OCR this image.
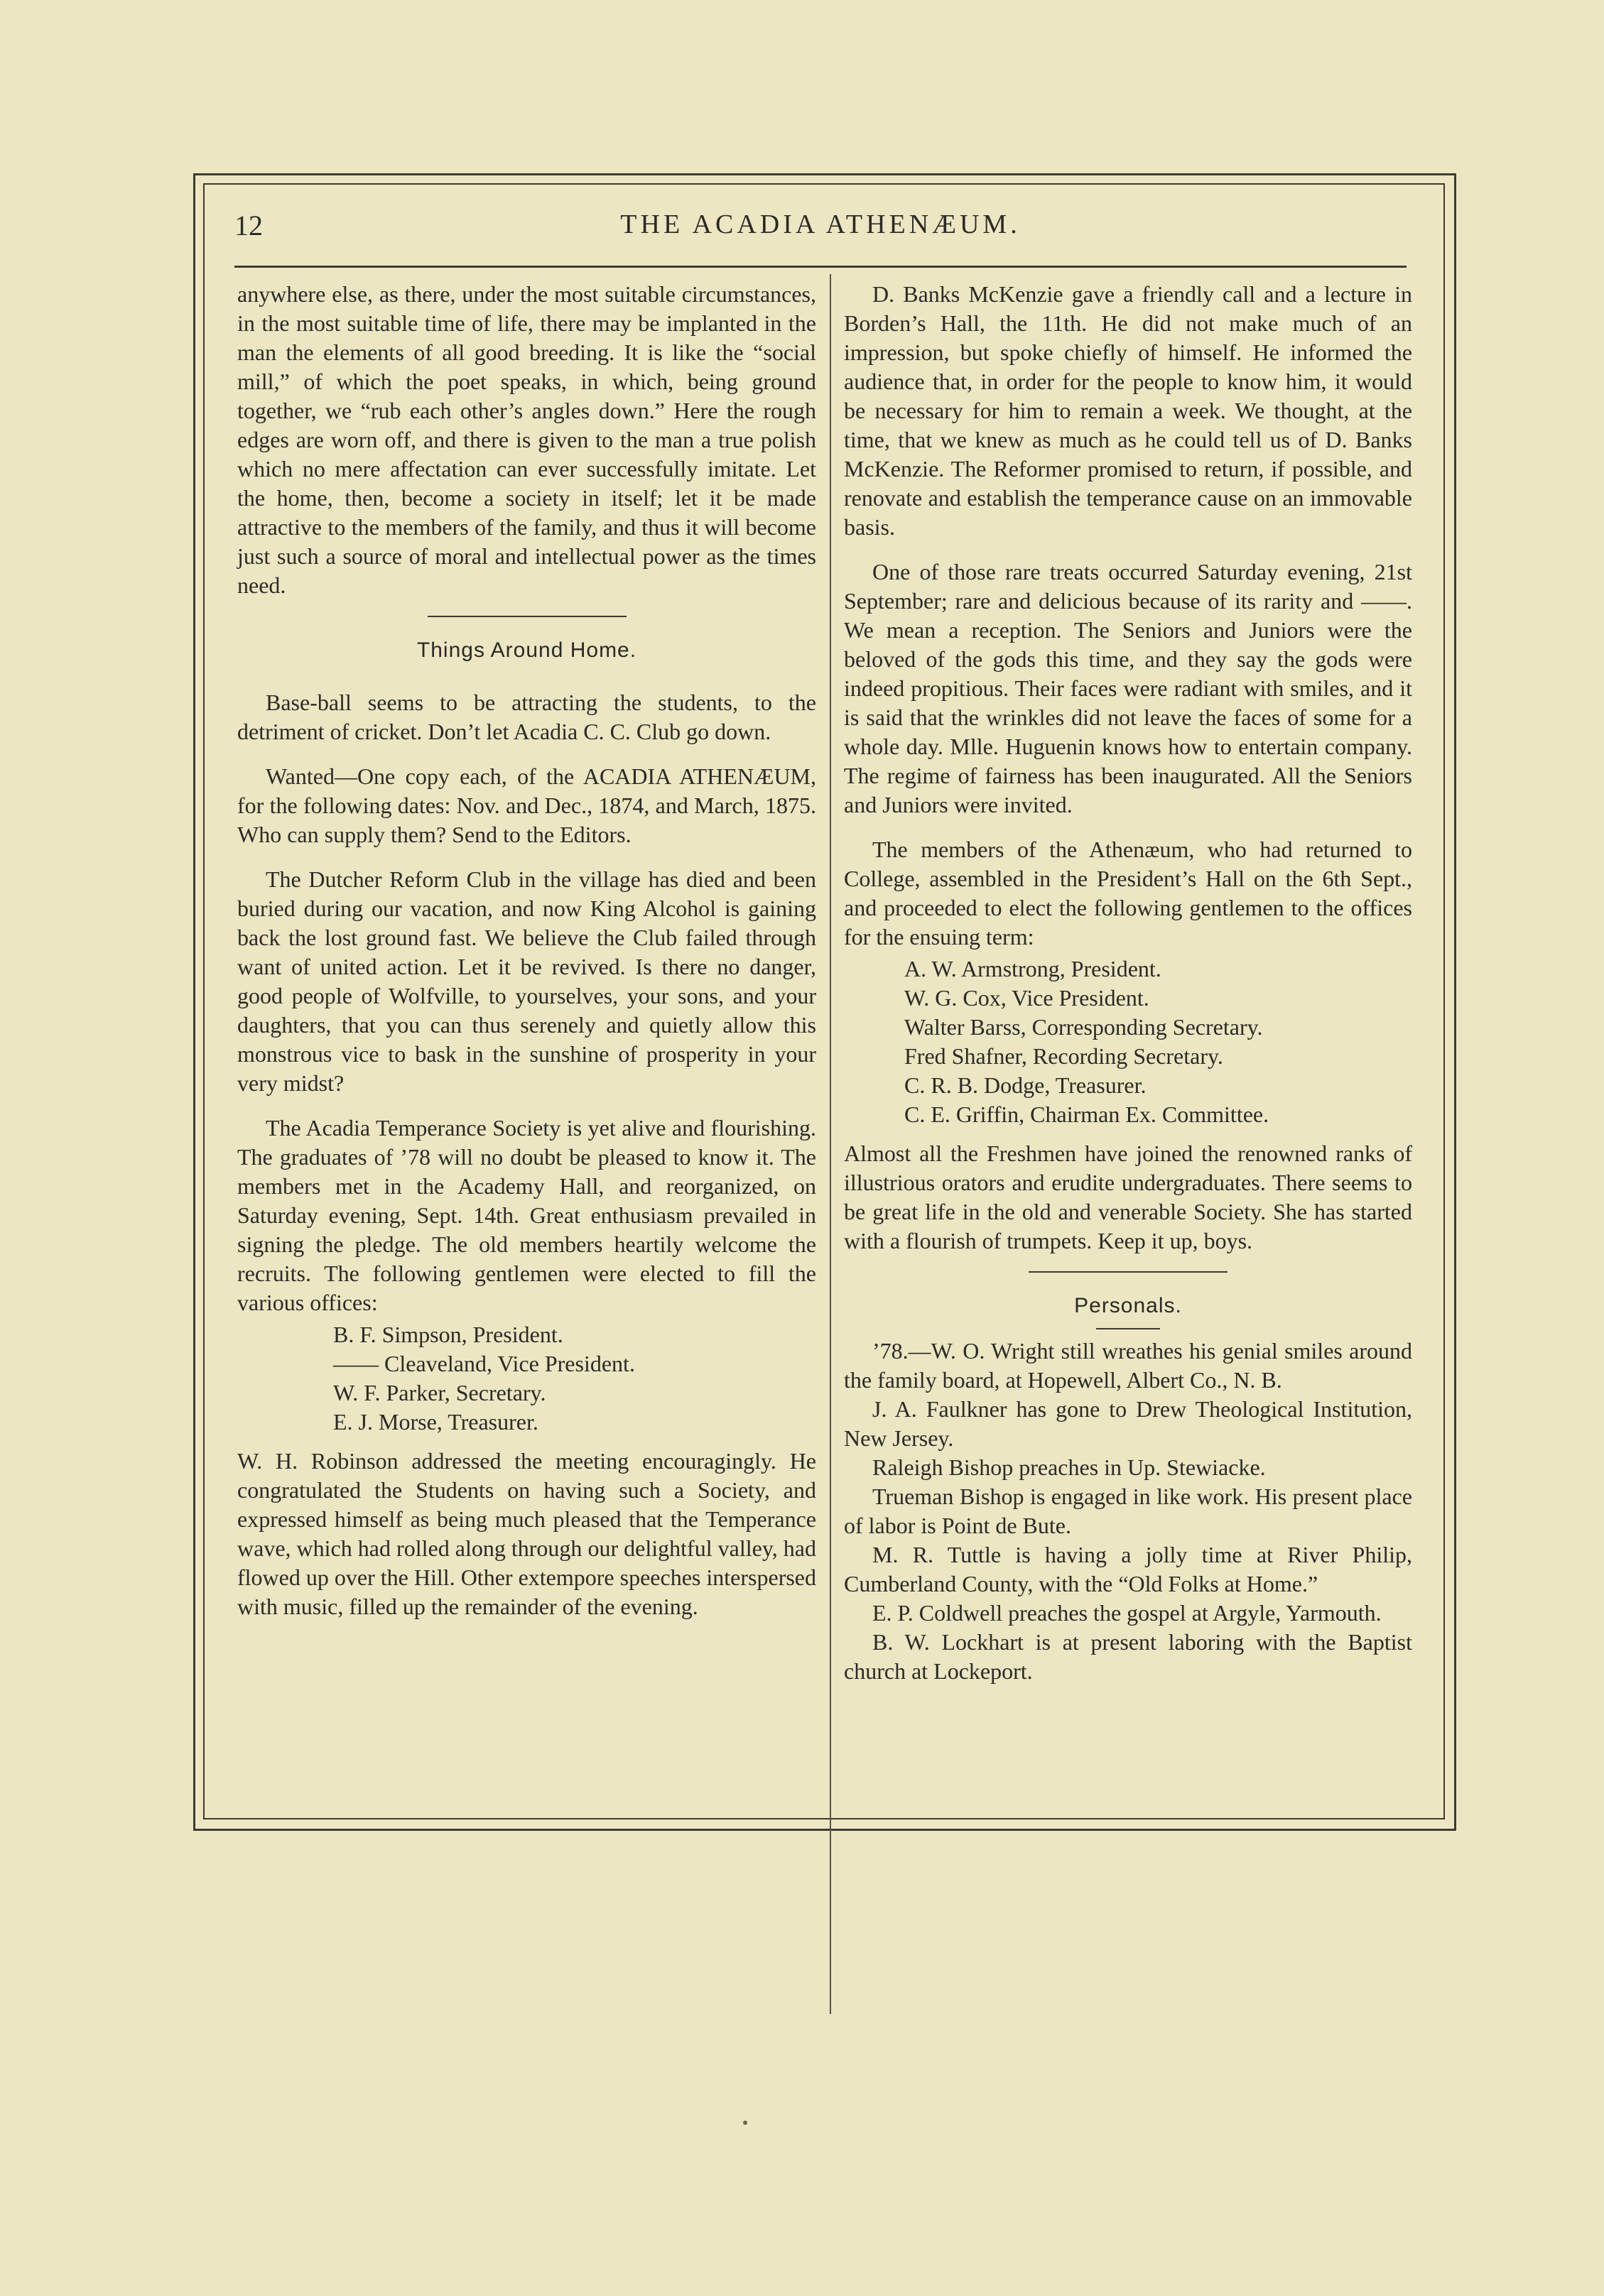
12	THE ACADIA ATHENÆUM.

anywhere else, as there, under the most suitable circumstances, in the most suitable time of life, there may be implanted in the man the elements of all good breeding. It is like the “social mill,” of which the poet speaks, in which, being ground together, we “rub each other’s angles down.” Here the rough edges are worn off, and there is given to the man a true polish which no mere affectation can ever successfully imitate. Let the home, then, become a society in itself; let it be made attractive to the members of the family, and thus it will become just such a source of moral and intellectual power as the times need.

Things Around Home.

Base-ball seems to be attracting the students, to the detriment of cricket. Don’t let Acadia C. C. Club go down.

Wanted—One copy each, of the ACADIA ATHENÆUM, for the following dates: Nov. and Dec., 1874, and March, 1875. Who can supply them? Send to the Editors.

The Dutcher Reform Club in the village has died and been buried during our vacation, and now King Alcohol is gaining back the lost ground fast. We believe the Club failed through want of united action. Let it be revived. Is there no danger, good people of Wolfville, to yourselves, your sons, and your daughters, that you can thus serenely and quietly allow this monstrous vice to bask in the sunshine of prosperity in your very midst?

The Acadia Temperance Society is yet alive and flourishing. The graduates of ’78 will no doubt be pleased to know it. The members met in the Academy Hall, and reorganized, on Saturday evening, Sept. 14th. Great enthusiasm prevailed in signing the pledge. The old members heartily welcome the recruits. The following gentlemen were elected to fill the various offices:

B. F. Simpson, President.
—— Cleaveland, Vice President.
W. F. Parker, Secretary.
E. J. Morse, Treasurer.

W. H. Robinson addressed the meeting encouragingly. He congratulated the Students on having such a Society, and expressed himself as being much pleased that the Temperance wave, which had rolled along through our delightful valley, had flowed up over the Hill. Other extempore speeches interspersed with music, filled up the remainder of the evening.

D. Banks McKenzie gave a friendly call and a lecture in Borden’s Hall, the 11th. He did not make much of an impression, but spoke chiefly of himself. He informed the audience that, in order for the people to know him, it would be necessary for him to remain a week. We thought, at the time, that we knew as much as he could tell us of D. Banks McKenzie. The Reformer promised to return, if possible, and renovate and establish the temperance cause on an immovable basis.

One of those rare treats occurred Saturday evening, 21st September; rare and delicious because of its rarity and ——. We mean a reception. The Seniors and Juniors were the beloved of the gods this time, and they say the gods were indeed propitious. Their faces were radiant with smiles, and it is said that the wrinkles did not leave the faces of some for a whole day. Mlle. Huguenin knows how to entertain company. The regime of fairness has been inaugurated. All the Seniors and Juniors were invited.

The members of the Athenæum, who had returned to College, assembled in the President’s Hall on the 6th Sept., and proceeded to elect the following gentlemen to the offices for the ensuing term:

A. W. Armstrong, President.
W. G. Cox, Vice President.
Walter Barss, Corresponding Secretary.
Fred Shafner, Recording Secretary.
C. R. B. Dodge, Treasurer.
C. E. Griffin, Chairman Ex. Committee.

Almost all the Freshmen have joined the renowned ranks of illustrious orators and erudite undergraduates. There seems to be great life in the old and venerable Society. She has started with a flourish of trumpets. Keep it up, boys.

Personals.

’78.—W. O. Wright still wreathes his genial smiles around the family board, at Hopewell, Albert Co., N. B.

J. A. Faulkner has gone to Drew Theological Institution, New Jersey.

Raleigh Bishop preaches in Up. Stewiacke.

Trueman Bishop is engaged in like work. His present place of labor is Point de Bute.

M. R. Tuttle is having a jolly time at River Philip, Cumberland County, with the “Old Folks at Home.”

E. P. Coldwell preaches the gospel at Argyle, Yarmouth.

B. W. Lockhart is at present laboring with the Baptist church at Lockeport.
